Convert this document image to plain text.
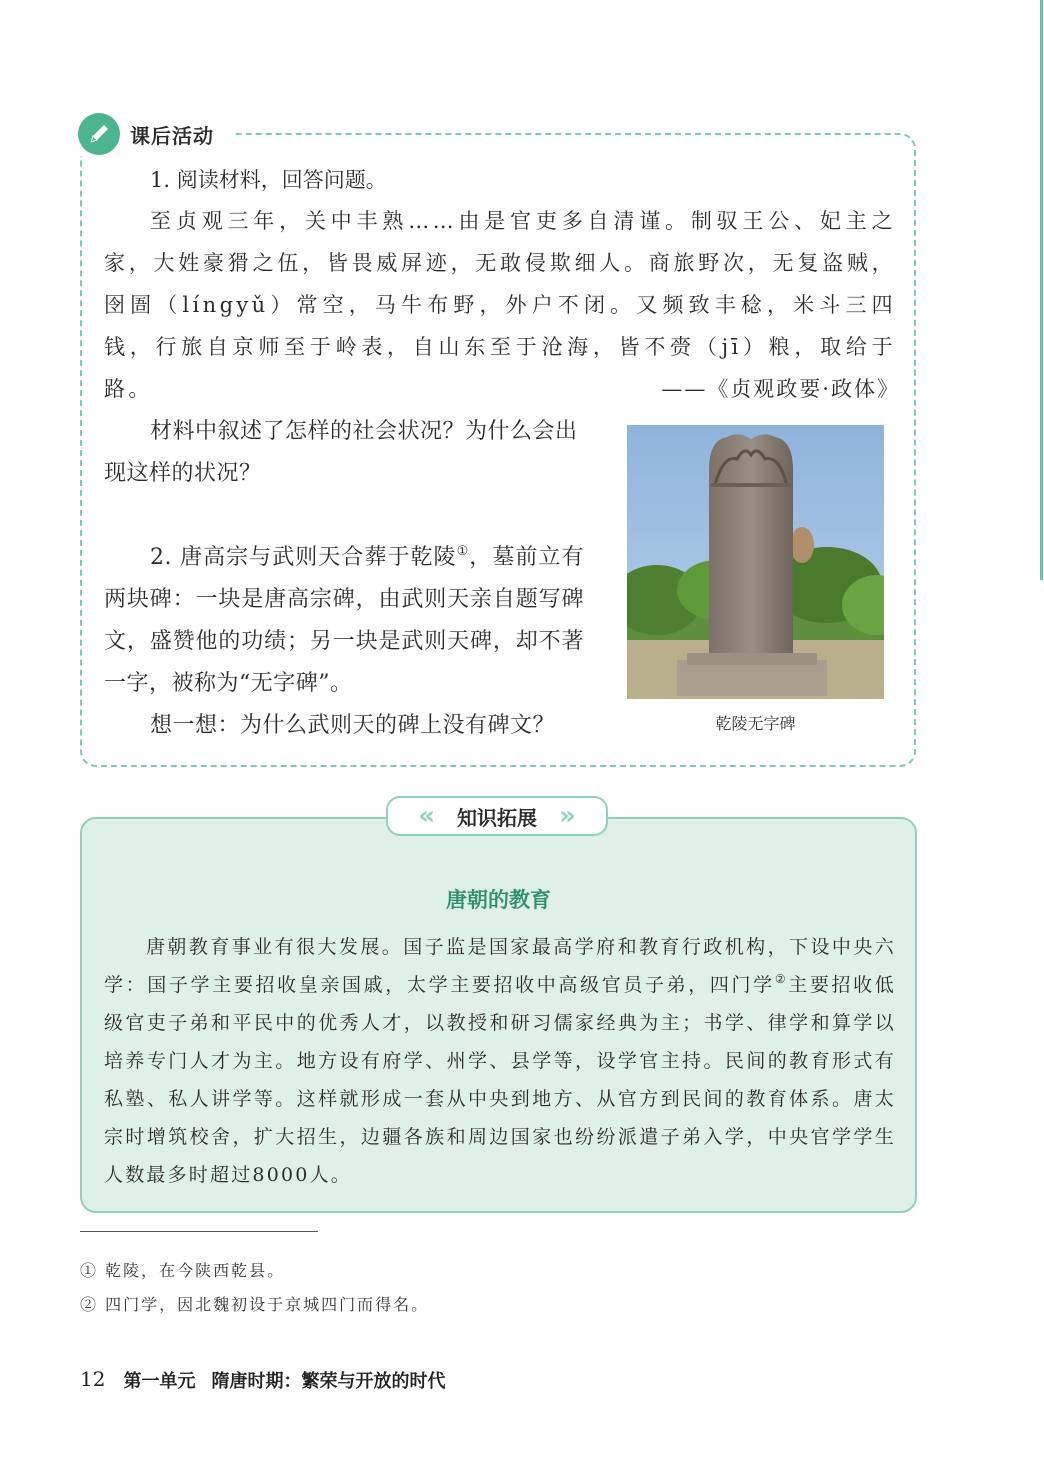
课后活动
1. 阅读材料，回答问题。
至贞观三年，关中丰熟……由是官吏多自清谨。制驭王公、妃主之家，大姓豪猾之伍，皆畏威屏迹，无敢侵欺细人。商旅野次，无复盗贼，囹圄（língyǔ）常空，马牛布野，外户不闭。又频致丰稔，米斗三四钱，行旅自京师至于岭表，自山东至于沧海，皆不赍（jī）粮，取给于路。	——《贞观政要·政体》
材料中叙述了怎样的社会状况？为什么会出现这样的状况？
2. 唐高宗与武则天合葬于乾陵①，墓前立有两块碑：一块是唐高宗碑，由武则天亲自题写碑文，盛赞他的功绩；另一块是武则天碑，却不著一字，被称为“无字碑”。
想一想：为什么武则天的碑上没有碑文？	乾陵无字碑
« 知识拓展 »
唐朝的教育
唐朝教育事业有很大发展。国子监是国家最高学府和教育行政机构，下设中央六学：国子学主要招收皇亲国戚，太学主要招收中高级官员子弟，四门学②主要招收低级官吏子弟和平民中的优秀人才，以教授和研习儒家经典为主；书学、律学和算学以培养专门人才为主。地方设有府学、州学、县学等，设学官主持。民间的教育形式有私塾、私人讲学等。这样就形成一套从中央到地方、从官方到民间的教育体系。唐太宗时增筑校舍，扩大招生，边疆各族和周边国家也纷纷派遣子弟入学，中央官学学生人数最多时超过8000人。
① 乾陵，在今陕西乾县。
② 四门学，因北魏初设于京城四门而得名。
12 第一单元 隋唐时期：繁荣与开放的时代
